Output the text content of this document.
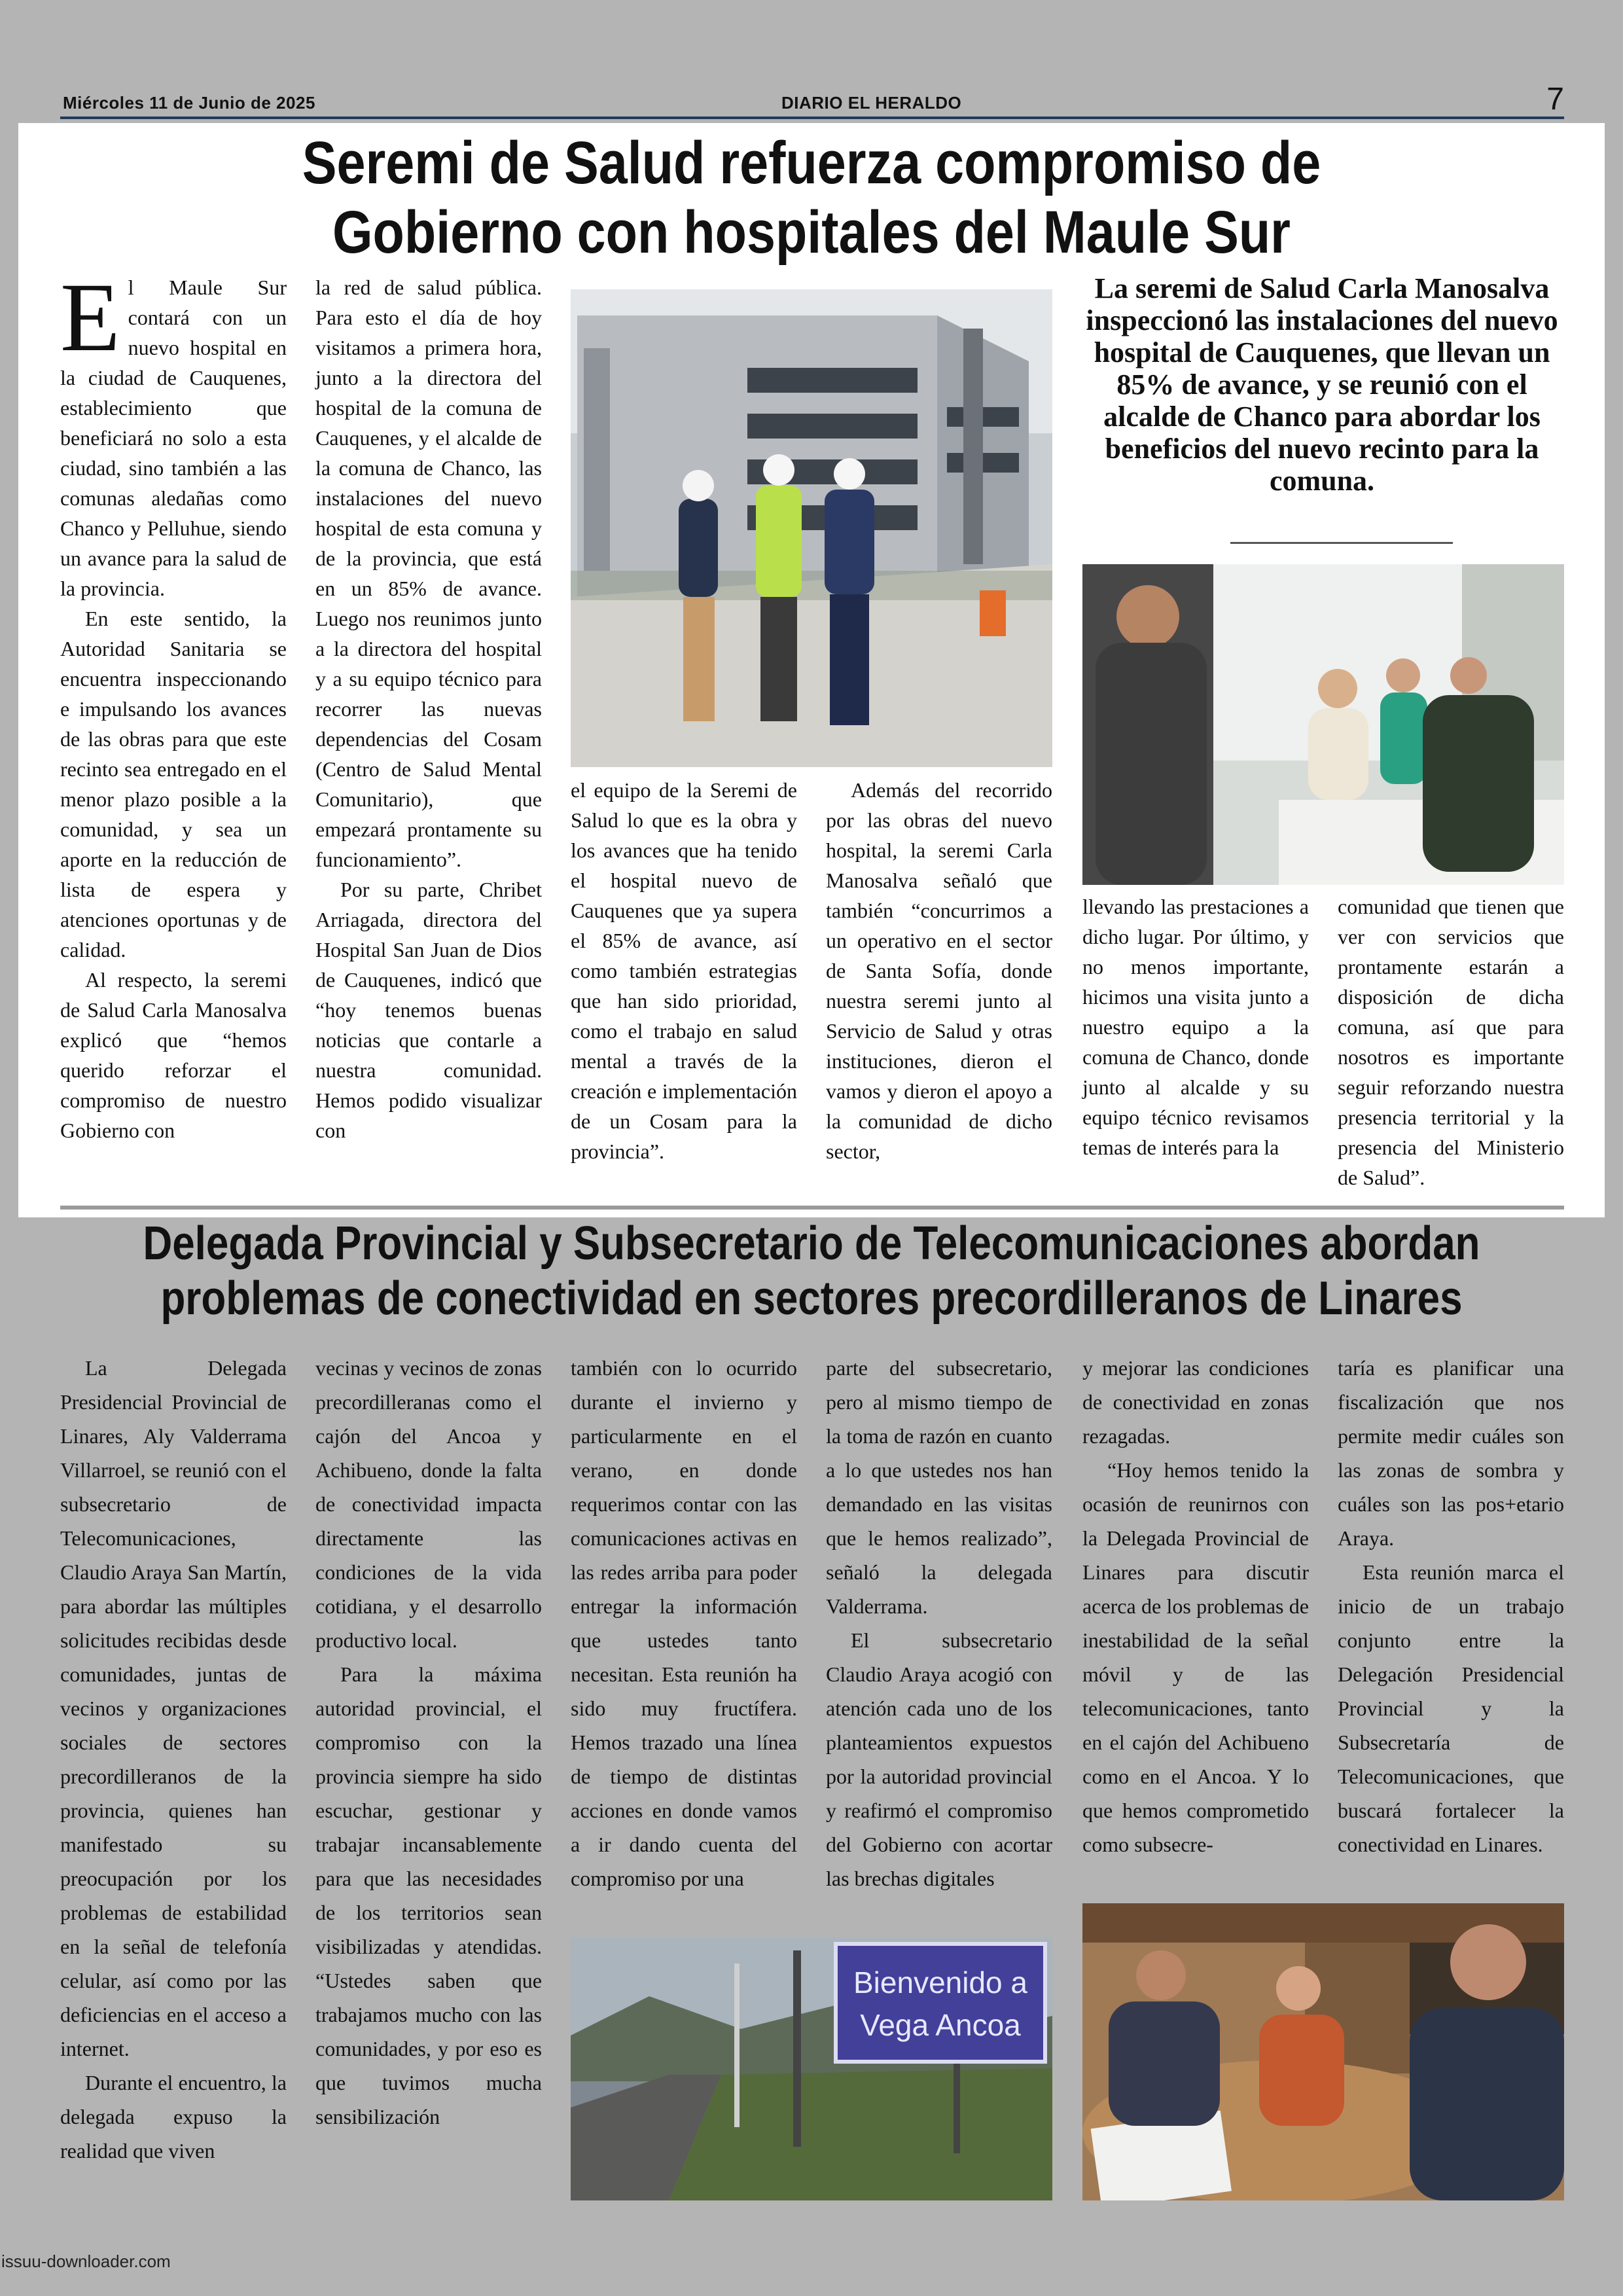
Miércoles 11 de Junio de 2025	DIARIO EL HERALDO	7
Seremi de Salud refuerza compromiso de
Gobierno con hospitales del Maule Sur

El Maule Sur contará con un nuevo hospital en la ciudad de Cauquenes, establecimiento que beneficiará no solo a esta ciudad, sino también a las comunas aledañas como Chanco y Pelluhue, siendo un avance para la salud de la provincia.

En este sentido, la Autoridad Sanitaria se encuentra inspeccionando e impulsando los avances de las obras para que este recinto sea entregado en el menor plazo posible a la comunidad, y sea un aporte en la reducción de lista de espera y atenciones oportunas y de calidad.

Al respecto, la seremi de Salud Carla Manosalva explicó que “hemos querido reforzar el compromiso de nuestro Gobierno con

la red de salud pública. Para esto el día de hoy visitamos a primera hora, junto a la directora del hospital de la comuna de Cauquenes, y el alcalde de la comuna de Chanco, las instalaciones del nuevo hospital de esta comuna y de la provincia, que está en un 85% de avance. Luego nos reunimos junto a la directora del hospital y a su equipo técnico para recorrer las nuevas dependencias del Cosam (Centro de Salud Mental Comunitario), que empezará prontamente su funcionamiento”.

Por su parte, Chribet Arriagada, directora del Hospital San Juan de Dios de Cauquenes, indicó que “hoy tenemos buenas noticias que contarle a nuestra comunidad. Hemos podido visualizar con

el equipo de la Seremi de Salud lo que es la obra y los avances que ha tenido el hospital nuevo de Cauquenes que ya supera el 85% de avance, así como también estrategias que han sido prioridad, como el trabajo en salud mental a través de la creación e implementación de un Cosam para la provincia”.

Además del recorrido por las obras del nuevo hospital, la seremi Carla Manosalva señaló que también “concurrimos a un operativo en el sector de Santa Sofía, donde nuestra seremi junto al Servicio de Salud y otras instituciones, dieron el vamos y dieron el apoyo a la comunidad de dicho sector,

La seremi de Salud Carla Manosalva inspeccionó las instalaciones del nuevo hospital de Cauquenes, que llevan un 85% de avance, y se reunió con el alcalde de Chanco para abordar los beneficios del nuevo recinto para la comuna.

llevando las prestaciones a dicho lugar. Por último, y no menos importante, hicimos una visita junto a nuestro equipo a la comuna de Chanco, donde junto al alcalde y su equipo técnico revisamos temas de interés para la

comunidad que tienen que ver con servicios que prontamente estarán a disposición de dicha comuna, así que para nosotros es importante seguir reforzando nuestra presencia territorial y la presencia del Ministerio de Salud”.

Delegada Provincial y Subsecretario de Telecomunicaciones abordan
problemas de conectividad en sectores precordilleranos de Linares

La Delegada Presidencial Provincial de Linares, Aly Valderrama Villarroel, se reunió con el subsecretario de Telecomunicaciones, Claudio Araya San Martín, para abordar las múltiples solicitudes recibidas desde comunidades, juntas de vecinos y organizaciones sociales de sectores precordilleranos de la provincia, quienes han manifestado su preocupación por los problemas de estabilidad en la señal de telefonía celular, así como por las deficiencias en el acceso a internet.

Durante el encuentro, la delegada expuso la realidad que viven

vecinas y vecinos de zonas precordilleranas como el cajón del Ancoa y Achibueno, donde la falta de conectividad impacta directamente las condiciones de la vida cotidiana, y el desarrollo productivo local.

Para la máxima autoridad provincial, el compromiso con la provincia siempre ha sido escuchar, gestionar y trabajar incansablemente para que las necesidades de los territorios sean visibilizadas y atendidas. “Ustedes saben que trabajamos mucho con las comunidades, y por eso es que tuvimos mucha sensibilización

también con lo ocurrido durante el invierno y particularmente en el verano, en donde requerimos contar con las comunicaciones activas en las redes arriba para poder entregar la información que ustedes tanto necesitan. Esta reunión ha sido muy fructífera. Hemos trazado una línea de tiempo de distintas acciones en donde vamos a ir dando cuenta del compromiso por una

parte del subsecretario, pero al mismo tiempo de la toma de razón en cuanto a lo que ustedes nos han demandado en las visitas que le hemos realizado”, señaló la delegada Valderrama.

El subsecretario Claudio Araya acogió con atención cada uno de los planteamientos expuestos por la autoridad provincial y reafirmó el compromiso del Gobierno con acortar las brechas digitales

y mejorar las condiciones de conectividad en zonas rezagadas.

“Hoy hemos tenido la ocasión de reunirnos con la Delegada Provincial de Linares para discutir acerca de los problemas de inestabilidad de la señal móvil y de las telecomunicaciones, tanto en el cajón del Achibueno como en el Ancoa. Y lo que hemos comprometido como subsecre-

taría es planificar una fiscalización que nos permite medir cuáles son las zonas de sombra y cuáles son las pos+etario Araya.

Esta reunión marca el inicio de un trabajo conjunto entre la Delegación Presidencial Provincial y la Subsecretaría de Telecomunicaciones, que buscará fortalecer la conectividad en Linares.

Bienvenido a
Vega Ancoa
issuu-downloader.com
